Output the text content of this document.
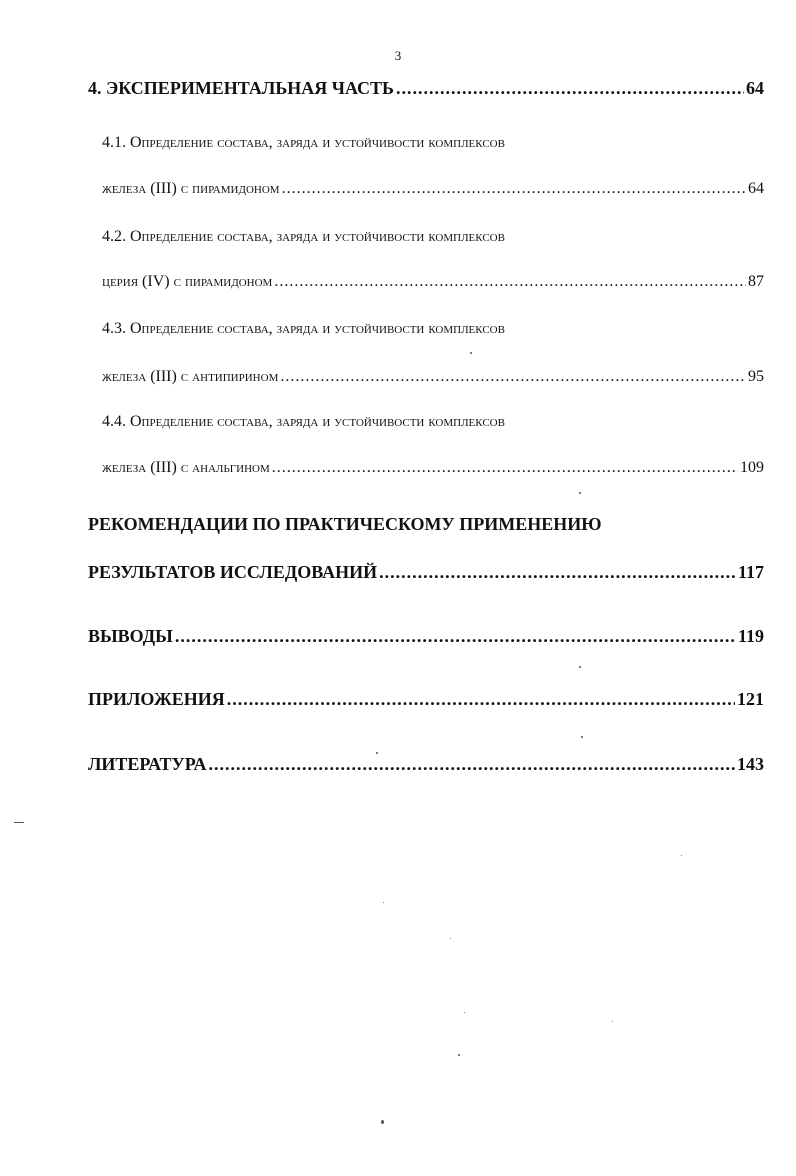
3
4. ЭКСПЕРИМЕНТАЛЬНАЯ ЧАСТЬ .....	64
4.1. Определение состава, заряда и устойчивости комплексов
железа (III) с пирамидоном .....	64
4.2. Определение состава, заряда и устойчивости комплексов
церия (IV) с пирамидоном .....	87
4.3. Определение состава, заряда и устойчивости комплексов
железа (III) с антипирином .....	95
4.4. Определение состава, заряда и устойчивости комплексов
железа (III) с анальгином .....	109
РЕКОМЕНДАЦИИ ПО ПРАКТИЧЕСКОМУ ПРИМЕНЕНИЮ
РЕЗУЛЬТАТОВ ИССЛЕДОВАНИЙ .....	117
ВЫВОДЫ .....	119
ПРИЛОЖЕНИЯ .....	121
ЛИТЕРАТУРА .....	143
